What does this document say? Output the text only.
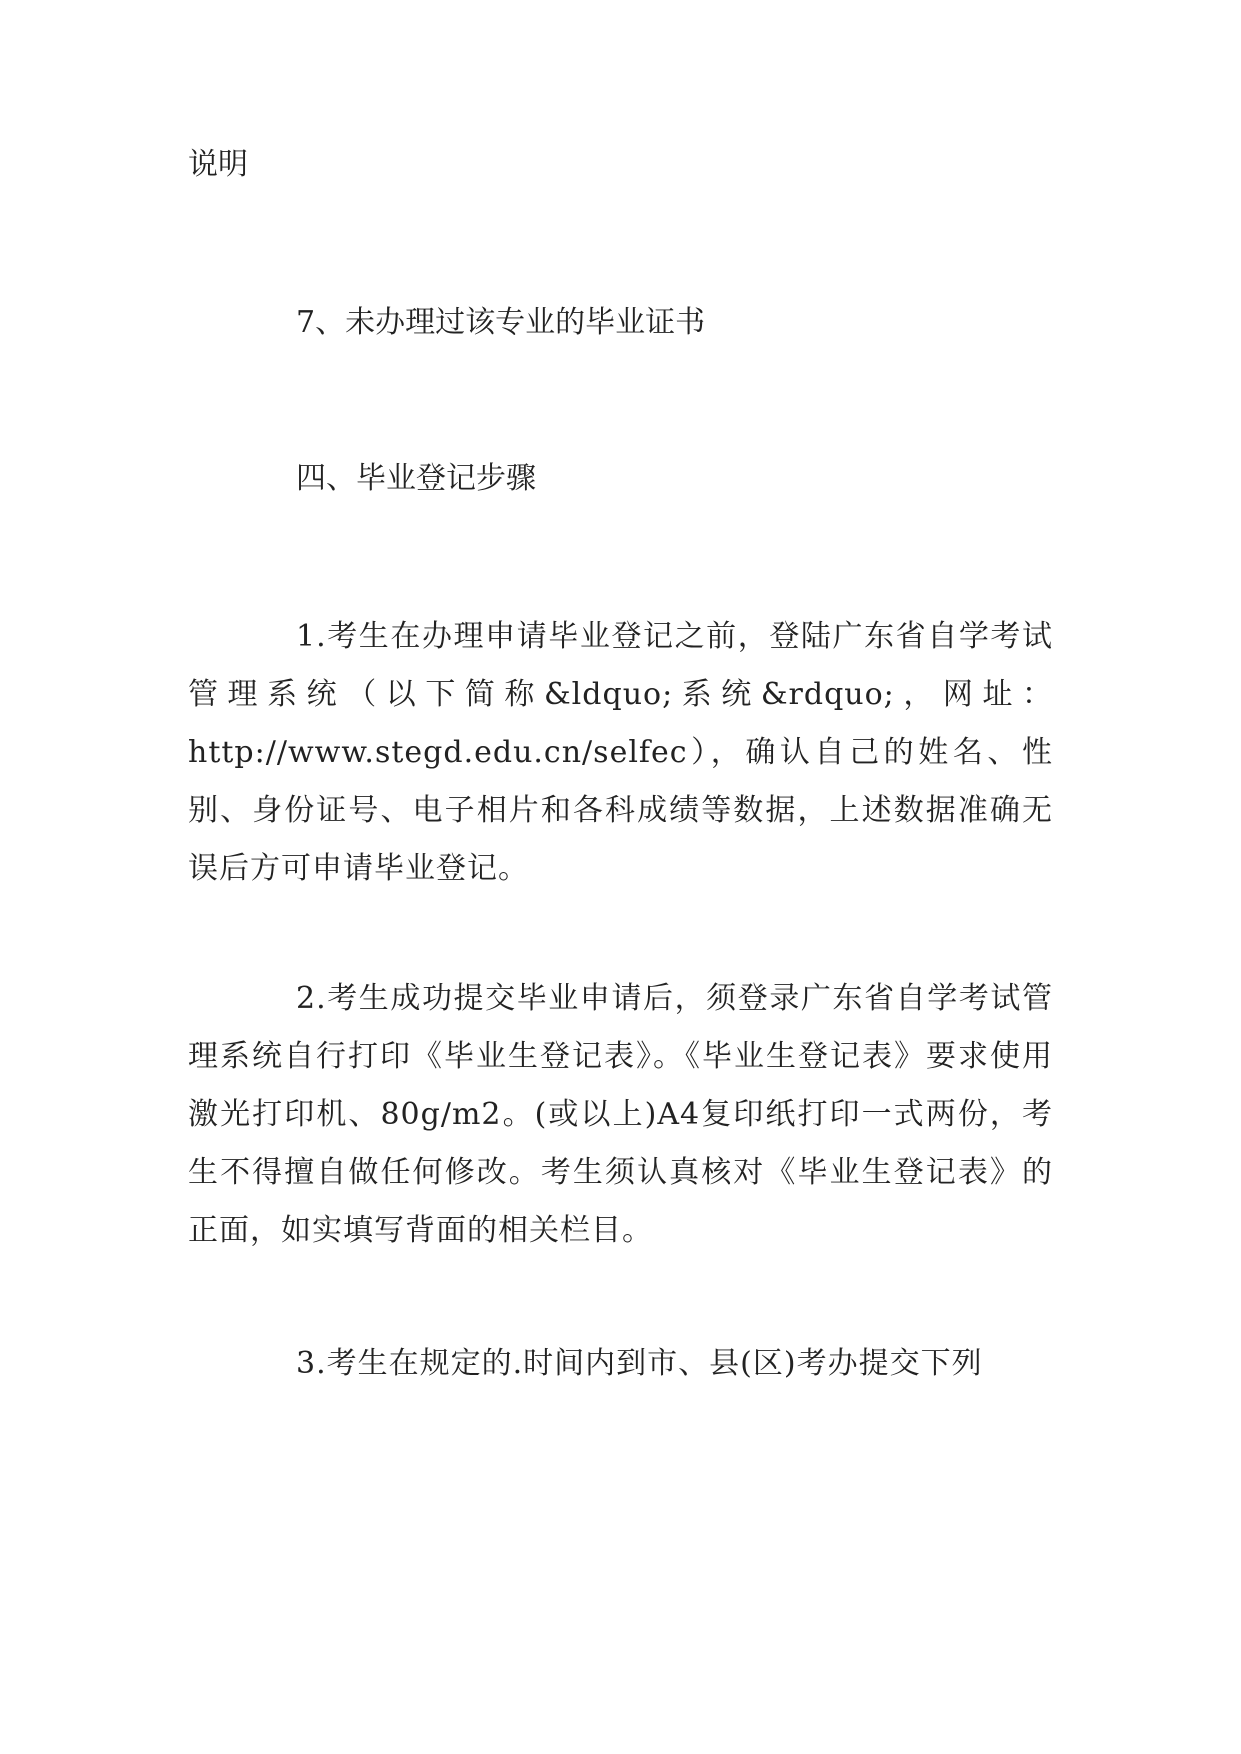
说明
7、未办理过该专业的毕业证书
四、毕业登记步骤
1.考生在办理申请毕业登记之前，登陆广东省自学考试管理系统（以下简称&ldquo;系统&rdquo;，网址：http://www.stegd.edu.cn/selfec），确认自己的姓名、性别、身份证号、电子相片和各科成绩等数据，上述数据准确无误后方可申请毕业登记。
2.考生成功提交毕业申请后，须登录广东省自学考试管理系统自行打印《毕业生登记表》。《毕业生登记表》要求使用激光打印机、80g/m2。(或以上)A4复印纸打印一式两份，考生不得擅自做任何修改。考生须认真核对《毕业生登记表》的正面，如实填写背面的相关栏目。
3.考生在规定的.时间内到市、县(区)考办提交下列
